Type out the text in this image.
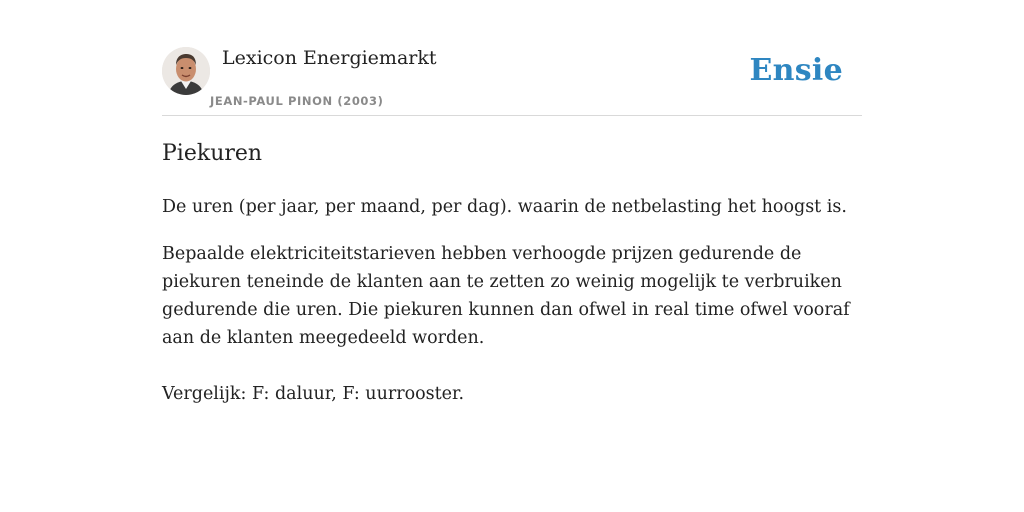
Lexicon Energiemarkt
JEAN-PAUL PINON (2003)
Ensie
Piekuren

De uren (per jaar, per maand, per dag). waarin de netbelasting het hoogst is.

Bepaalde elektriciteitstarieven hebben verhoogde prijzen gedurende de piekuren teneinde de klanten aan te zetten zo weinig mogelijk te verbruiken gedurende die uren. Die piekuren kunnen dan ofwel in real time ofwel vooraf aan de klanten meegedeeld worden.

Vergelijk: F: daluur, F: uurrooster.
